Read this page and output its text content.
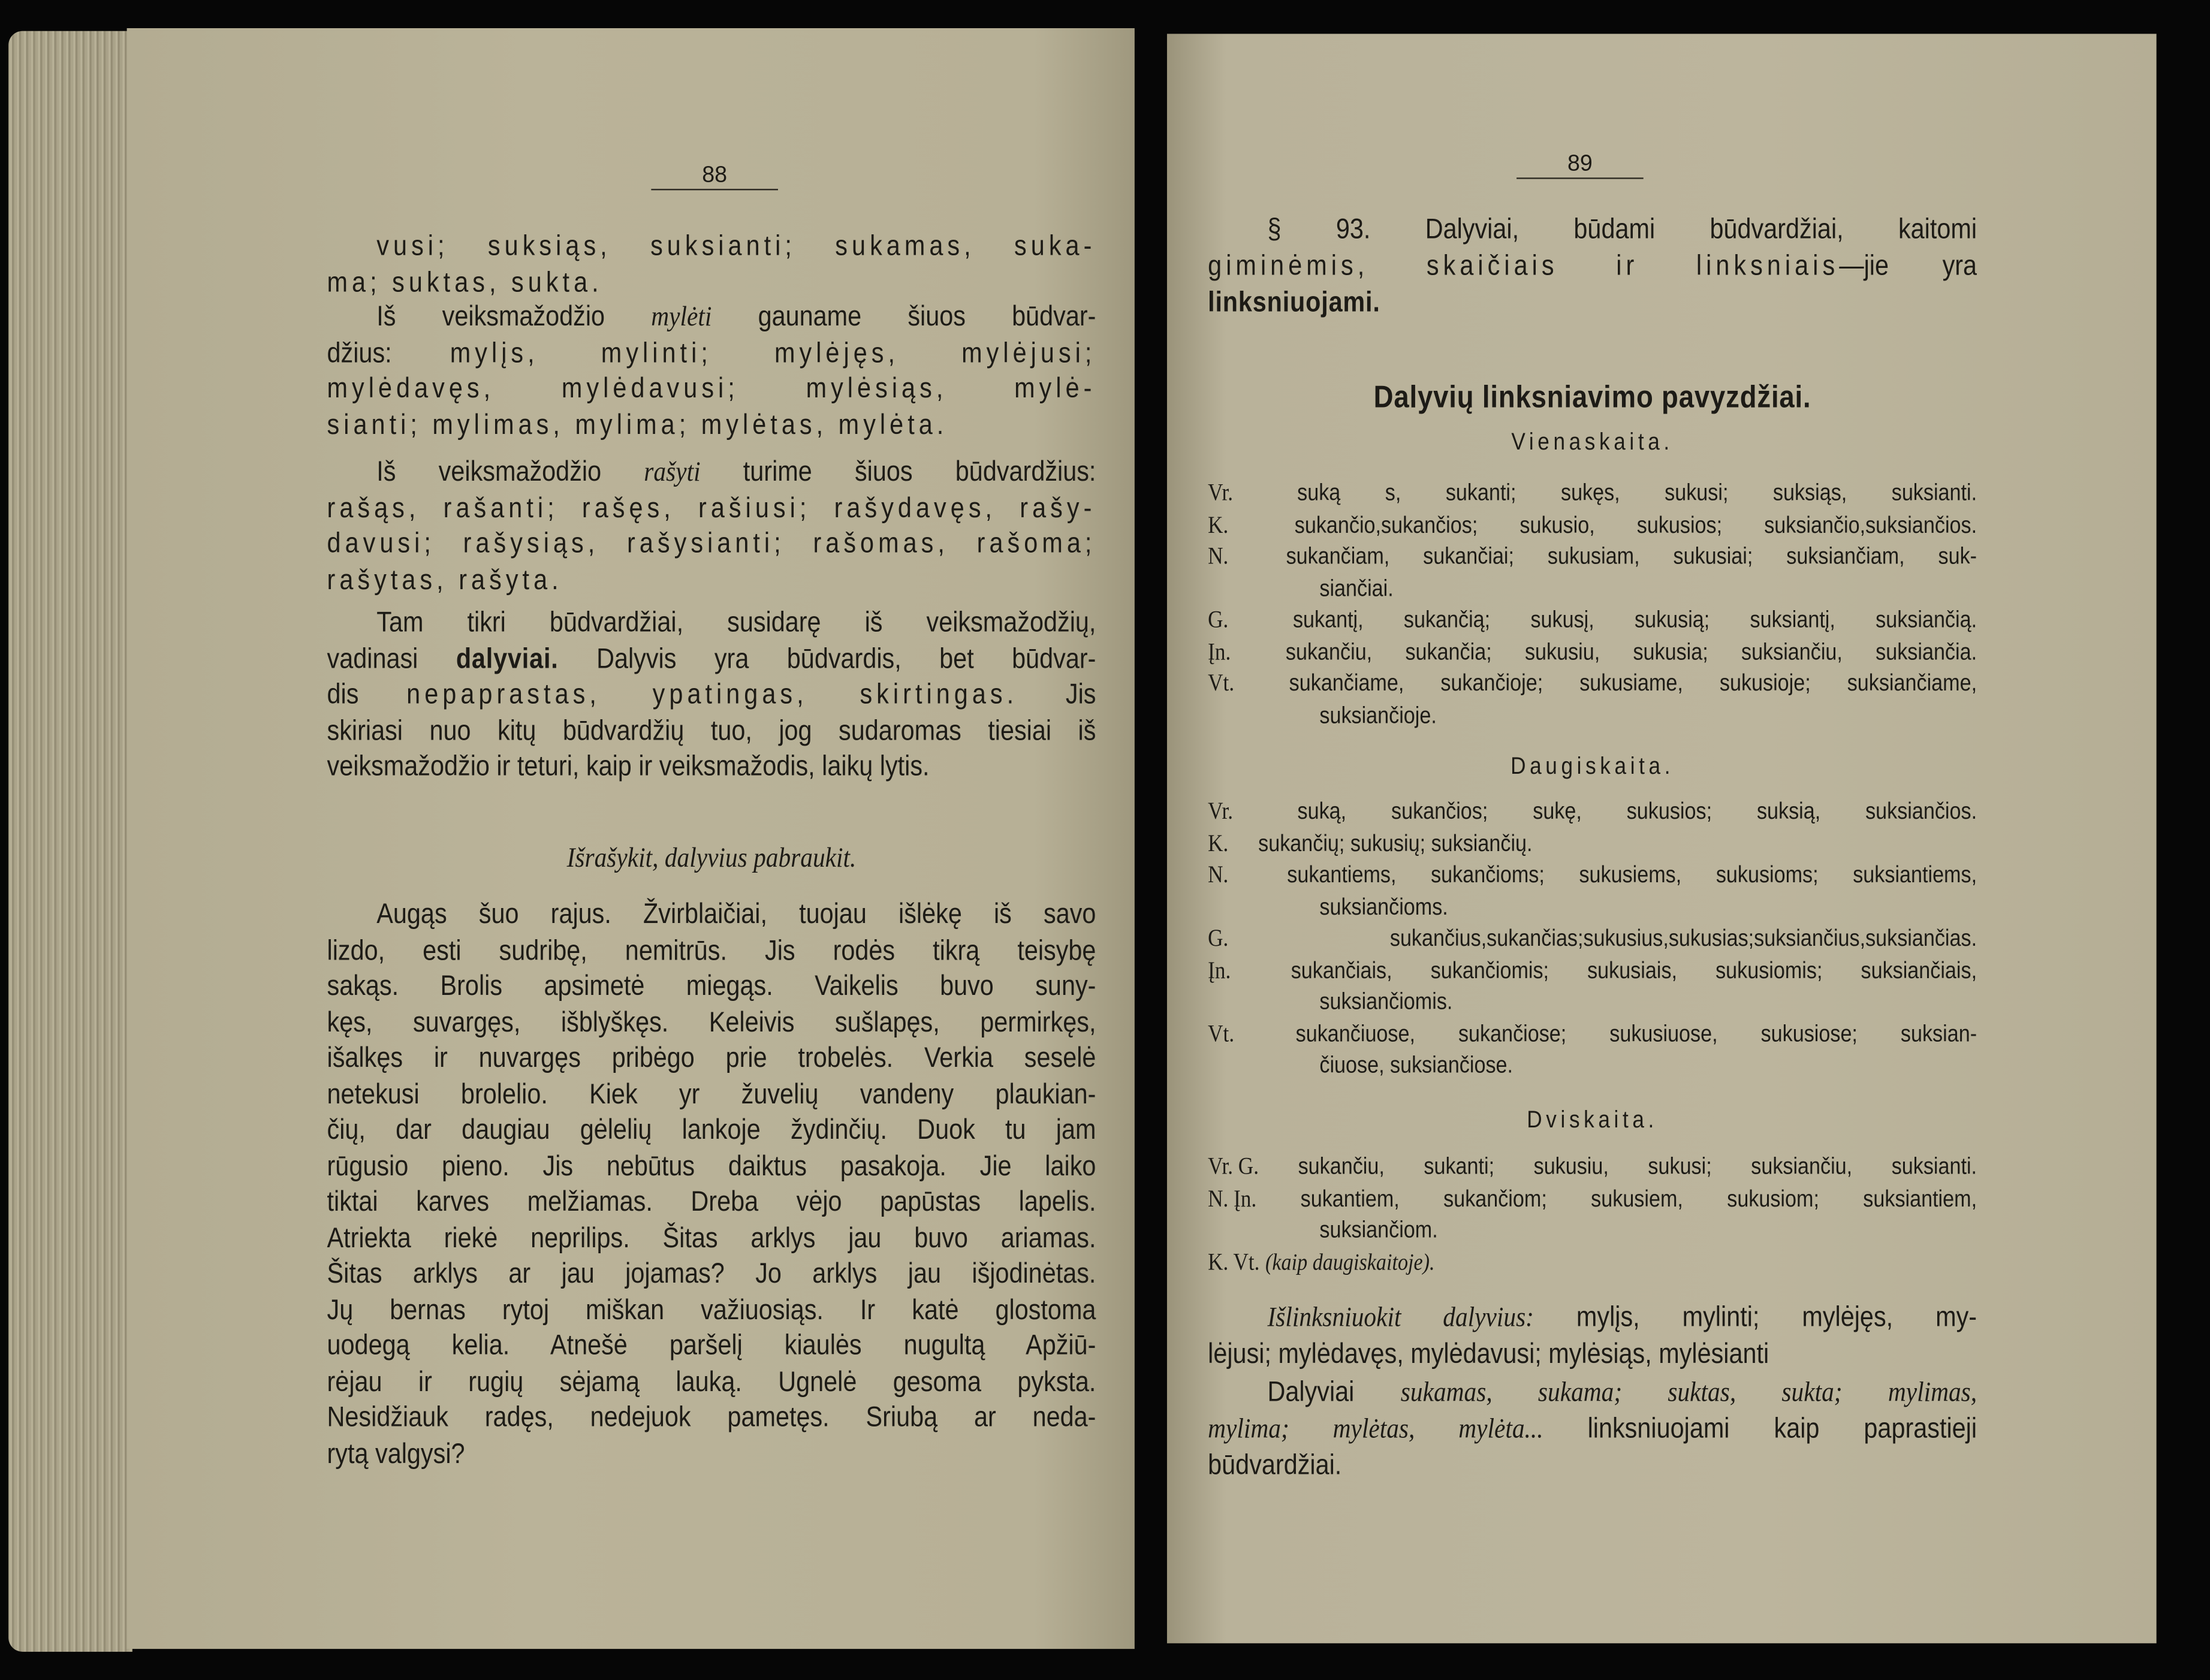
88
vusi; suksiąs, suksianti; sukamas, suka-
ma; suktas, sukta.
Iš veiksmažodžio mylėti gauname šiuos būdvar-
džius: mylįs, mylinti; mylėjęs, mylėjusi;
mylėdavęs, mylėdavusi; mylėsiąs, mylė-
sianti; mylimas, mylima; mylėtas, mylėta.
Iš veiksmažodžio rašyti turime šiuos būdvardžius:
rašąs, rašanti; rašęs, rašiusi; rašydavęs, rašy-
davusi; rašysiąs, rašysianti; rašomas, rašoma;
rašytas, rašyta.
Tam tikri būdvardžiai, susidarę iš veiksmažodžių,
vadinasi dalyviai. Dalyvis yra būdvardis, bet būdvar-
dis nepaprastas, ypatingas, skirtingas. Jis
skiriasi nuo kitų būdvardžių tuo, jog sudaromas tiesiai iš
veiksmažodžio ir teturi, kaip ir veiksmažodis, laikų lytis.
Išrašykit, dalyvius pabraukit.
Augąs šuo rajus. Žvirblaičiai, tuojau išlėkę iš savo
lizdo, esti sudribę, nemitrūs. Jis rodės tikrą teisybę
sakąs. Brolis apsimetė miegąs. Vaikelis buvo suny-
kęs, suvargęs, išblyškęs. Keleivis sušlapęs, permirkęs,
išalkęs ir nuvargęs pribėgo prie trobelės. Verkia seselė
netekusi brolelio. Kiek yr žuvelių vandeny plaukian-
čių, dar daugiau gėlelių lankoje žydinčių. Duok tu jam
rūgusio pieno. Jis nebūtus daiktus pasakoja. Jie laiko
tiktai karves melžiamas. Dreba vėjo papūstas lapelis.
Atriekta riekė neprilips. Šitas arklys jau buvo ariamas.
Šitas arklys ar jau jojamas? Jo arklys jau išjodinėtas.
Jų bernas rytoj miškan važiuosiąs. Ir katė glostoma
uodegą kelia. Atnešė paršelį kiaulės nugultą Apžiū-
rėjau ir rugių sėjamą lauką. Ugnelė gesoma pyksta.
Nesidžiauk radęs, nedejuok pametęs. Sriubą ar neda-
rytą valgysi?
89
§ 93. Dalyviai, būdami būdvardžiai, kaitomi
giminėmis, skaičiais ir linksniais—jie yra
linksniuojami.
Dalyvių linksniavimo pavyzdžiai.
Vienaskaita.
Vr.	suką s, sukanti; sukęs, sukusi; suksiąs, suksianti.
K.	sukančio,sukančios; sukusio, sukusios; suksiančio,suksiančios.
N.	sukančiam, sukančiai; sukusiam, sukusiai; suksiančiam, suk-
siančiai.
G.	sukantį, sukančią; sukusį, sukusią; suksiantį, suksiančią.
Įn.	sukančiu, sukančia; sukusiu, sukusia; suksiančiu, suksiančia.
Vt.	sukančiame, sukančioje; sukusiame, sukusioje; suksiančiame,
suksiančioje.
Daugiskaita.
Vr.	suką, sukančios; sukę, sukusios; suksią, suksiančios.
K.	sukančių; sukusių; suksiančių.
N.	sukantiems, sukančioms; sukusiems, sukusioms; suksiantiems,
suksiančioms.
G.	sukančius,sukančias;sukusius,sukusias;suksiančius,suksiančias.
Įn.	sukančiais, sukančiomis; sukusiais, sukusiomis; suksiančiais,
suksiančiomis.
Vt.	sukančiuose, sukančiose; sukusiuose, sukusiose; suksian-
čiuose, suksiančiose.
Dviskaita.
Vr. G.	sukančiu, sukanti; sukusiu, sukusi; suksiančiu, suksianti.
N. Įn.	sukantiem, sukančiom; sukusiem, sukusiom; suksiantiem,
suksiančiom.
K. Vt. (kaip daugiskaitoje).
Išlinksniuokit dalyvius: mylįs, mylinti; mylėjęs, my-
lėjusi; mylėdavęs, mylėdavusi; mylėsiąs, mylėsianti
Dalyviai sukamas, sukama; suktas, sukta; mylimas,
mylima; mylėtas, mylėta... linksniuojami kaip paprastieji
būdvardžiai.
